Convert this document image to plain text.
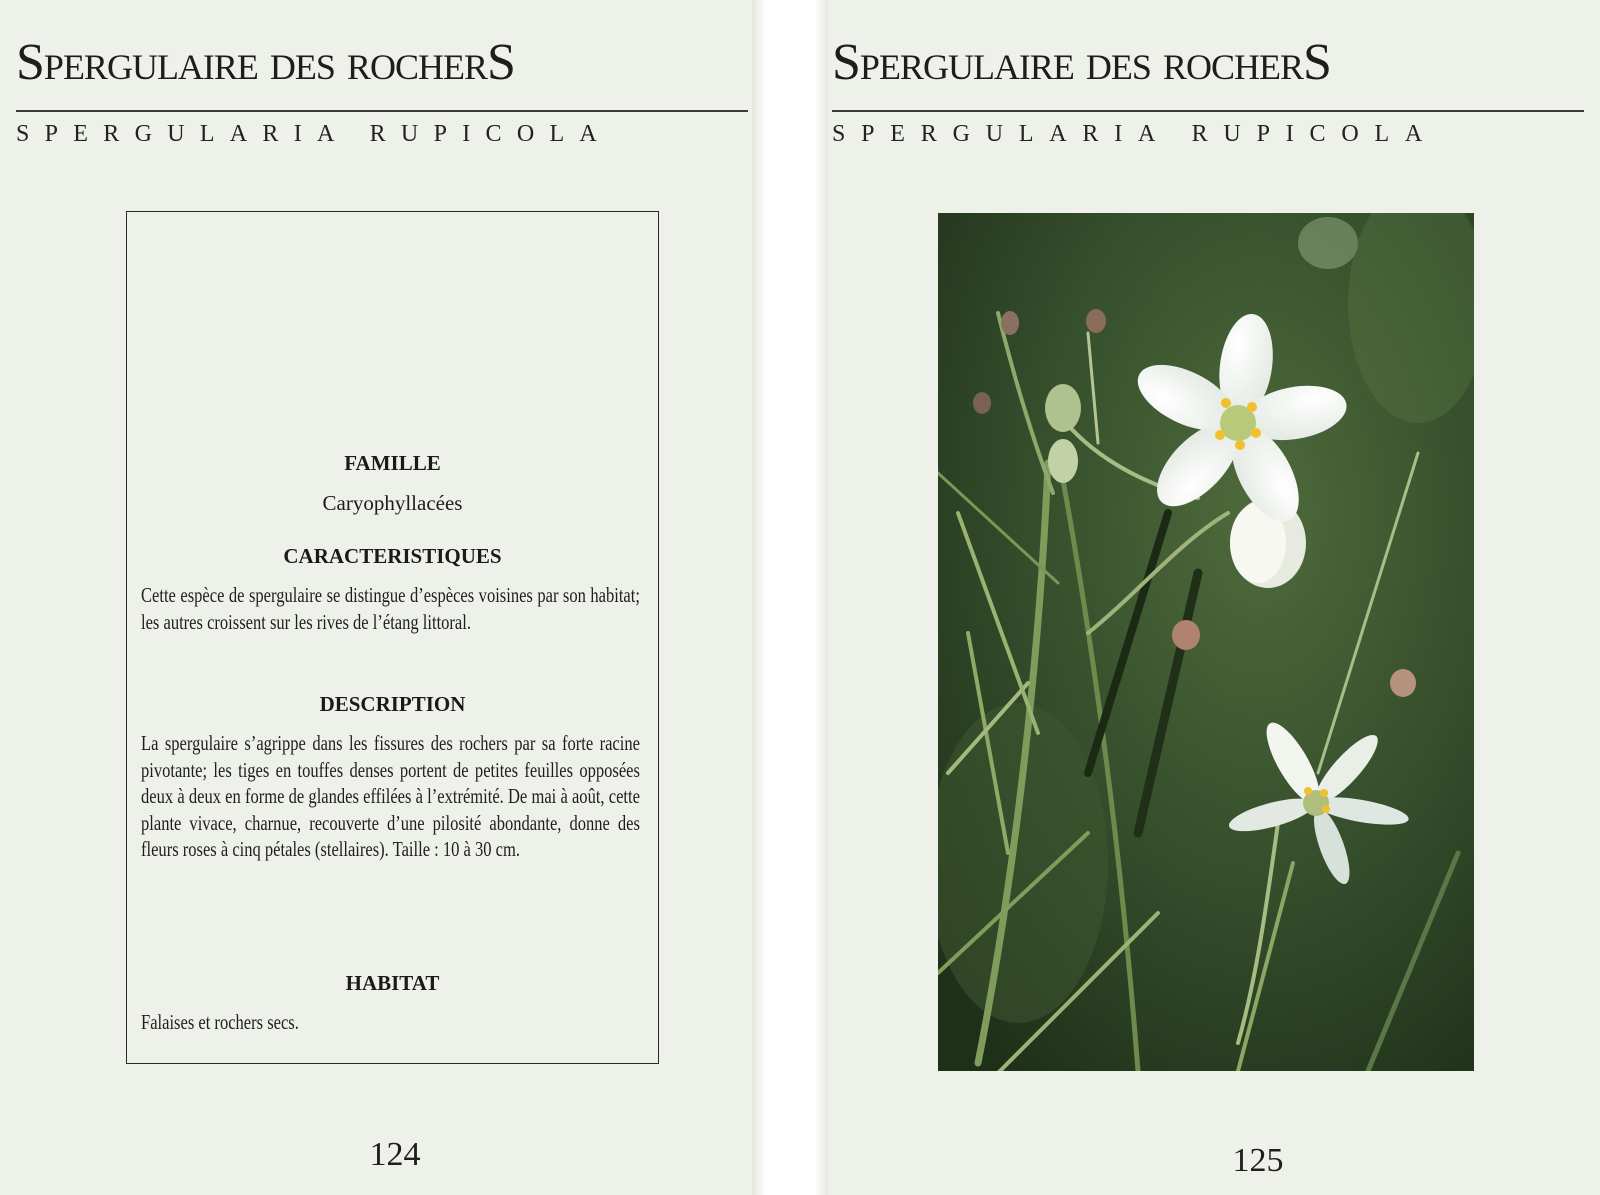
Spergulaire des rocherS

SPERGULARIA RUPICOLA

FAMILLE

Caryophyllacées

CARACTERISTIQUES

Cette espèce de spergulaire se distingue d’espèces voisines par son habitat; les autres croissent sur les rives de l’étang littoral.

DESCRIPTION

La spergulaire s’agrippe dans les fissures des rochers par sa forte racine pivotante; les tiges en touffes denses portent de petites feuilles opposées deux à deux en forme de glandes effilées à l’extrémité. De mai à août, cette plante vivace, charnue, recouverte d’une pilosité abondante, donne des fleurs roses à cinq pétales (stellaires). Taille : 10 à 30 cm.

HABITAT

Falaises et rochers secs.

124

Spergulaire des rocherS

SPERGULARIA RUPICOLA

125
